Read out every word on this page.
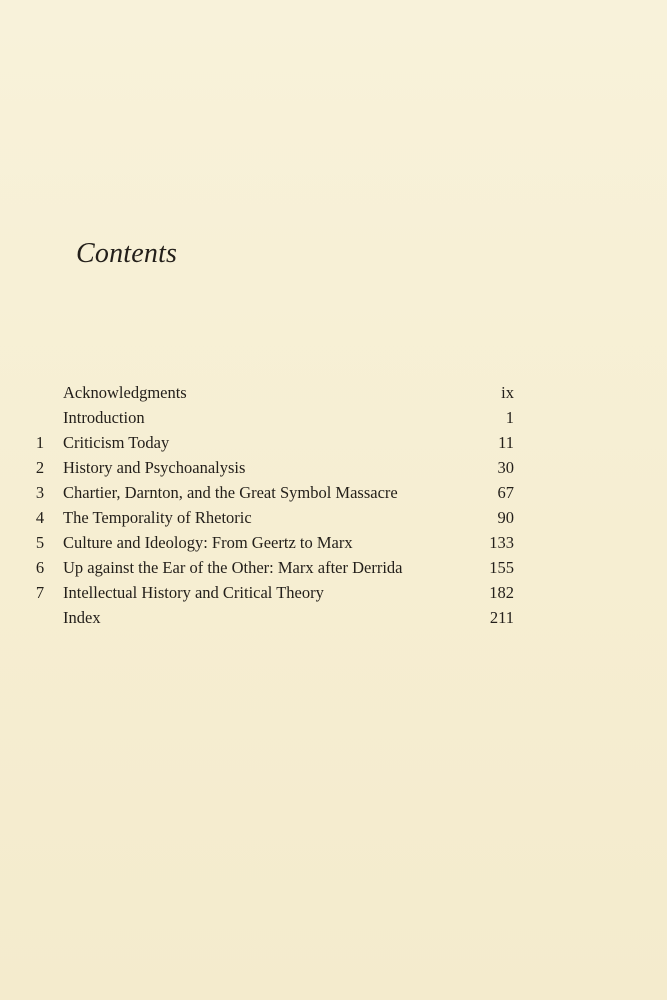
Contents
Acknowledgments	ix
Introduction	1
1	Criticism Today	11
2	History and Psychoanalysis	30
3	Chartier, Darnton, and the Great Symbol Massacre	67
4	The Temporality of Rhetoric	90
5	Culture and Ideology: From Geertz to Marx	133
6	Up against the Ear of the Other: Marx after Derrida	155
7	Intellectual History and Critical Theory	182
Index	211
